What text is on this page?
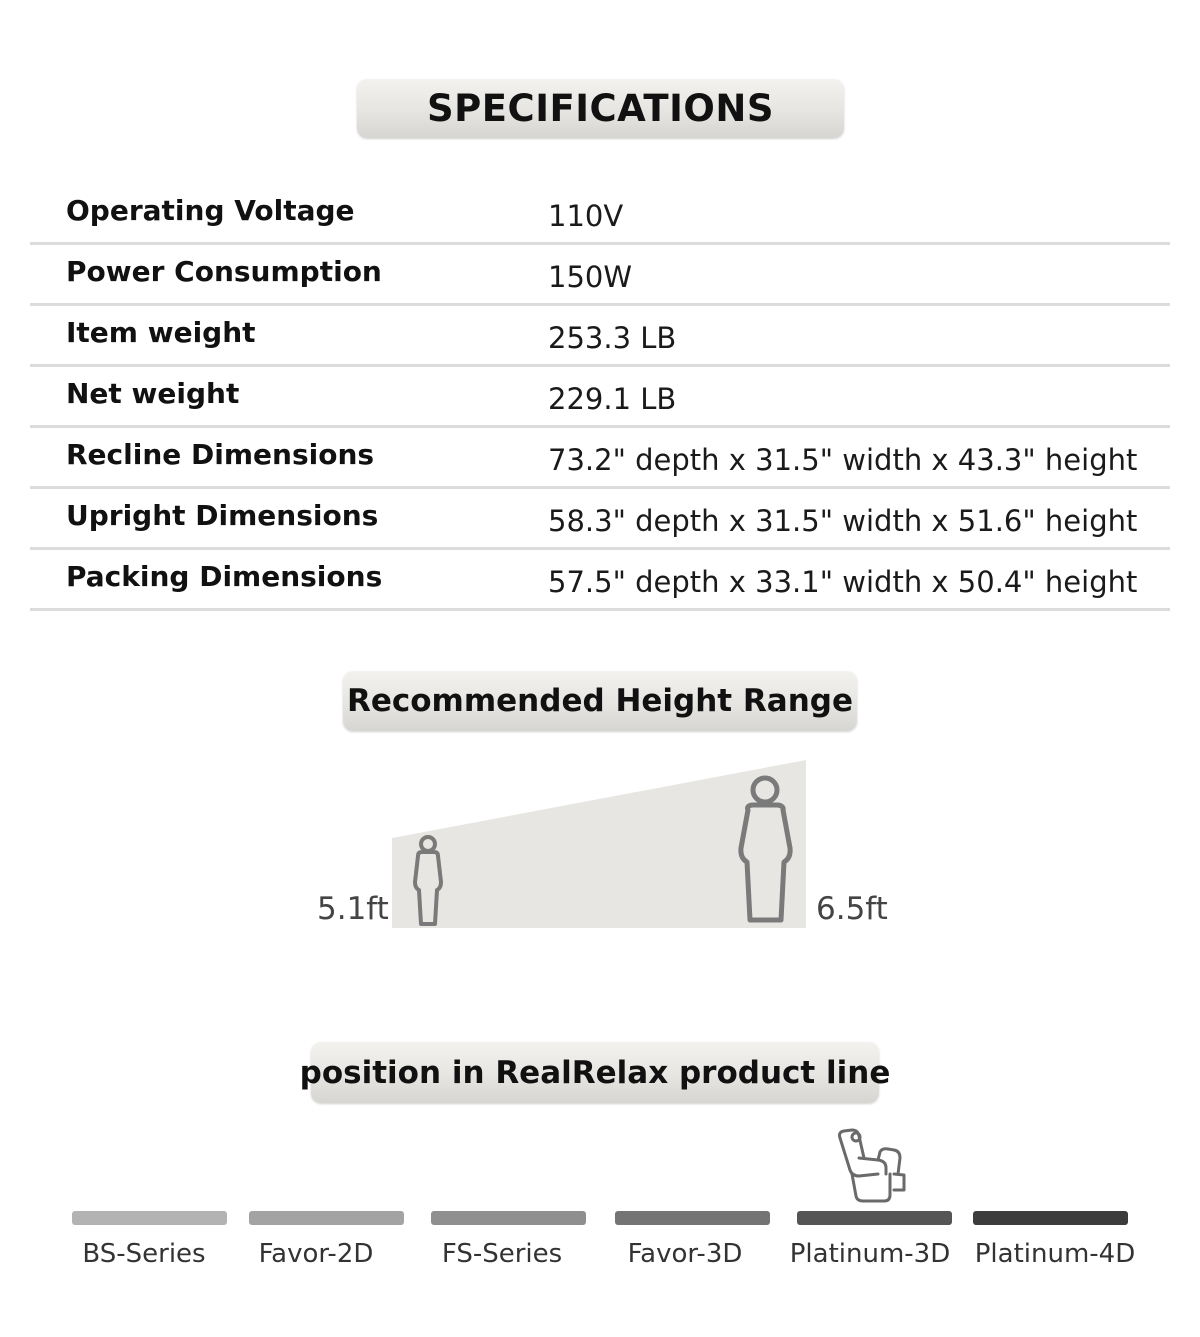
SPECIFICATIONS
Operating Voltage	110V
Power Consumption	150W
Item weight	253.3 LB
Net weight	229.1 LB
Recline Dimensions	73.2" depth x 31.5" width x 43.3" height
Upright Dimensions	58.3" depth x 31.5" width x 51.6" height
Packing Dimensions	57.5" depth x 33.1" width x 50.4" height
Recommended Height Range
5.1ft	6.5ft
position in RealRelax product line
BS-Series	Favor-2D	FS-Series	Favor-3D	Platinum-3D Platinum-4D
